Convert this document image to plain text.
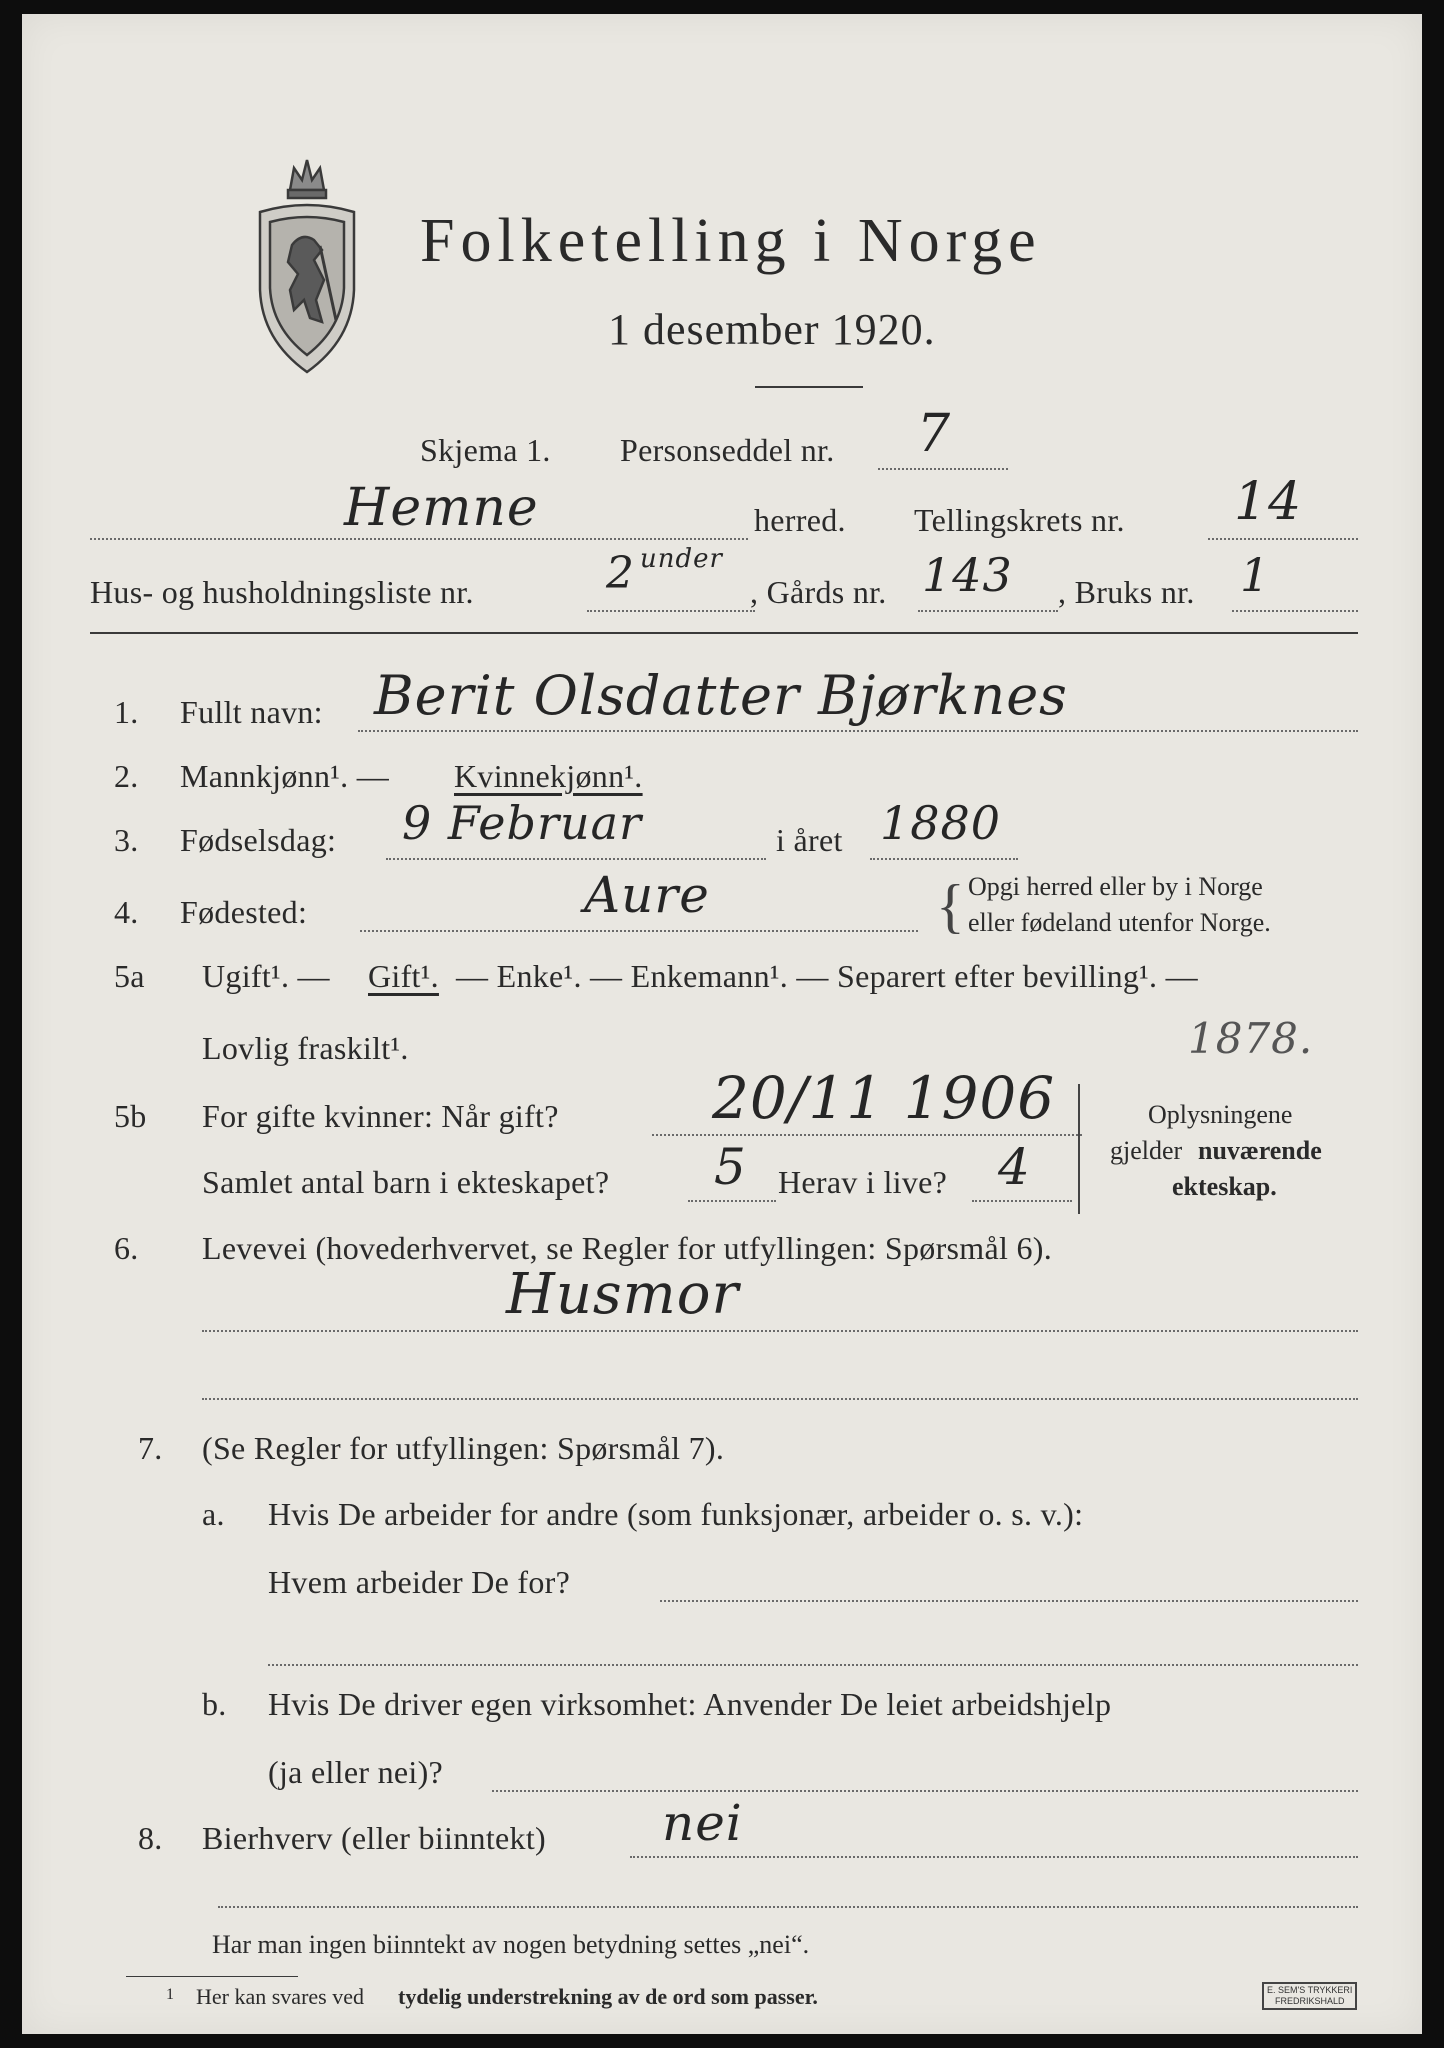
Folketelling i Norge
1 desember 1920.
Skjema 1. Personseddel nr. 7
Hemne	herred. Tellingskrets nr. 14
Hus- og husholdningsliste nr.	2 under
, Gårds nr. 143 , Bruks nr. 1
1. Fullt navn: Berit Olsdatter Bjørknes
2. Mannkjønn¹. — Kvinnekjønn¹.
3. Fødselsdag: 9 Februar	i året 1880
4. Fødested:	Aure	{ Opgi herred eller by i Norge
eller fødeland utenfor Norge.
5a Ugift¹. — Gift¹. — Enke¹. — Enkemann¹. — Separert efter bevilling¹. —
Lovlig fraskilt¹.	1878.
5b For gifte kvinner: Når gift?	20/11 1906
Samlet antal barn i ekteskapet? 5 Herav i live? 4
Oplysningene
gjelder nuværende
ekteskap.
6. Levevei (hovederhvervet, se Regler for utfyllingen: Spørsmål 6).
Husmor
7. (Se Regler for utfyllingen: Spørsmål 7).
a. Hvis De arbeider for andre (som funksjonær, arbeider o. s. v.):
Hvem arbeider De for?
b. Hvis De driver egen virksomhet: Anvender De leiet arbeidshjelp
(ja eller nei)?
8. Bierhverv (eller biinntekt) nei
Har man ingen biinntekt av nogen betydning settes „nei“.
1 Her kan svares ved tydelig understrekning av de ord som passer.	E. SEM'S TRYKKERI
FREDRIKSHALD
